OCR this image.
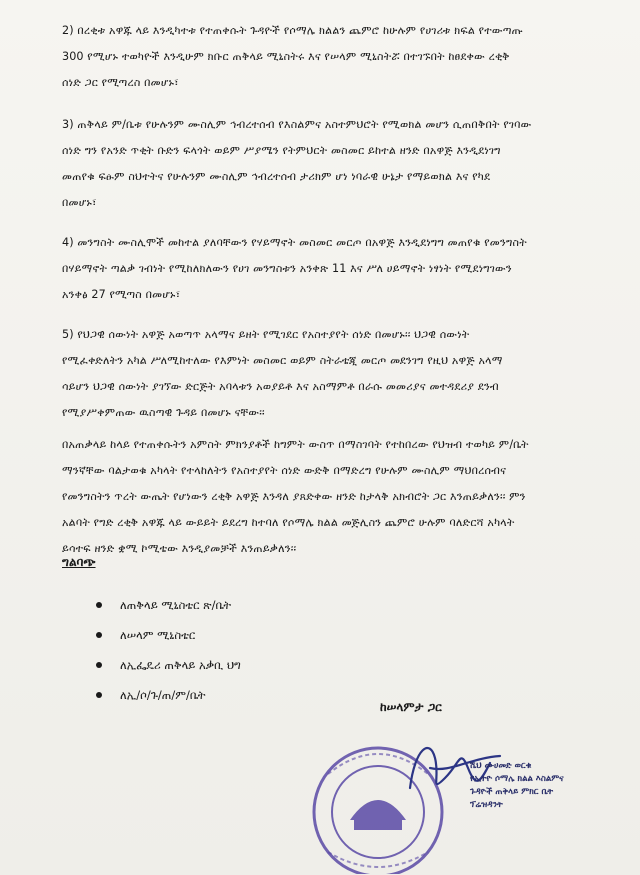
2) በረቂቱ አዋጁ ላይ እንዲካተቱ የተጠቀሱት ጉዳዮች የሶማሌ ክልልን ጨምሮ ከሁሉም የሀገሪቱ ክፍል የተውጣጡ
300 የሚሆኑ ተወካዮች እንዲሁም ክቡር ጠቅላይ ሚኒስትሩ እና የሠላም ሚኒስትሯ በተገኙበት ከፀደቀው ረቂቅ
ሰነድ ጋር የሚጣረስ በመሆኑ፣
3) ጠቅላይ ም/ቤቱ የሁሉንም ሙስሊም ኅብረተሰብ የእስልምና አስተምህሮት የሚወክል መሆን ሲጠበቅበት የገባው
ሰነድ ግን የአንድ ጥቂት ቡድን ፍላጎት ወይም ሥያሜን የትምህርት መስመር ይከተል ዘንድ በአዋጅ እንዲደነገግ
መጠየቁ ፍፁም ስህተትና የሁሉንም ሙስሊም ኅብረተሰብ ታሪክም ሆነ ነባራዊ ሁኔታ የማይወክል እና የካደ
በመሆኑ፣
4) መንግስት ሙስሊሞች መከተል ያለባቸውን የሃይማኖት መስመር መርጦ በአዋጅ እንዲደነግግ መጠየቁ የመንግስት
በሃይማኖት ጣልቃ ገብነት የሚከለክለውን የሀገ መንግስቱን አንቀጽ 11 እና ሥለ ሀይማኖት ነፃነት የሚደነግገውን
አንቀፅ 27 የሚጣስ በመሆኑ፣
5) የህጋዊ ሰውነት አዋጅ አወጣጥ አላማና ይዘት የሚገደር የአስተያየት ሰነድ በመሆኑ፡፡ ህጋዊ ሰውነት
የሚፈቀድለትን አካል ሥለሚከተለው የእምነት መስመር ወይም ስትራቴጂ መርጦ መደንገግ የዚህ አዋጅ አላማ
ሳይሆን ህጋዊ ሰውነት ያገኘው ድርጅት አባላቱን አወያይቶ እና አስማምቶ በራሱ መመሪያና መተዳደሪያ ደንብ
የሚያሥቀምጠው ዉስጣዊ ጉዳይ በመሆኑ ናቸው፡፡
በአጠቃላይ ከላይ የተጠቀሱትን አምስት ምክንያቶች ከግምት ውስጥ በማስገባት የተከበረው የህዝብ ተወካይ ም/ቤት
ማንኛቸው ባልታወቁ አካላት የተላከለትን የአስተያየት ሰነድ ውድቅ በማድረግ የሁሉም ሙስሊም ማህበረሰብና
የመንግስትን ጥረት ውጤት የሆነውን ረቂቅ አዋጅ እንዳለ ያጸድቀው ዘንድ ከታላቅ አክብሮት ጋር እንጠይቃለን፡፡ ምን
አልባት የግድ ረቂቅ አዋጁ ላይ ውይይት ይደረግ ከተባለ የሶማሌ ክልል መጅሊስን ጨምሮ ሁሉም ባለድርሻ አካላት
ይሳተፍ ዘንድ ቋሚ ኮሚቴው እንዲያመቻች እንጠይቃለን፡፡
ግልባጭ
ለጠቅላይ ሚኒስቴር ጽ/ቤት
ለሠላም ሚኒስቴር
ለኢፌዴሪ ጠቅላይ አቃቢ ህግ
ለኢ/ሶ/ጉ/ጠ/ም/ቤት
ከሠላምታ ጋር
ሼህ ሙሀመድ ወርቁ
የኢትዮ ሶማሌ ክልል እስልምና
ጉዳዮች ጠቅላይ ምክር ቤት
ፕሬዝዳንት
